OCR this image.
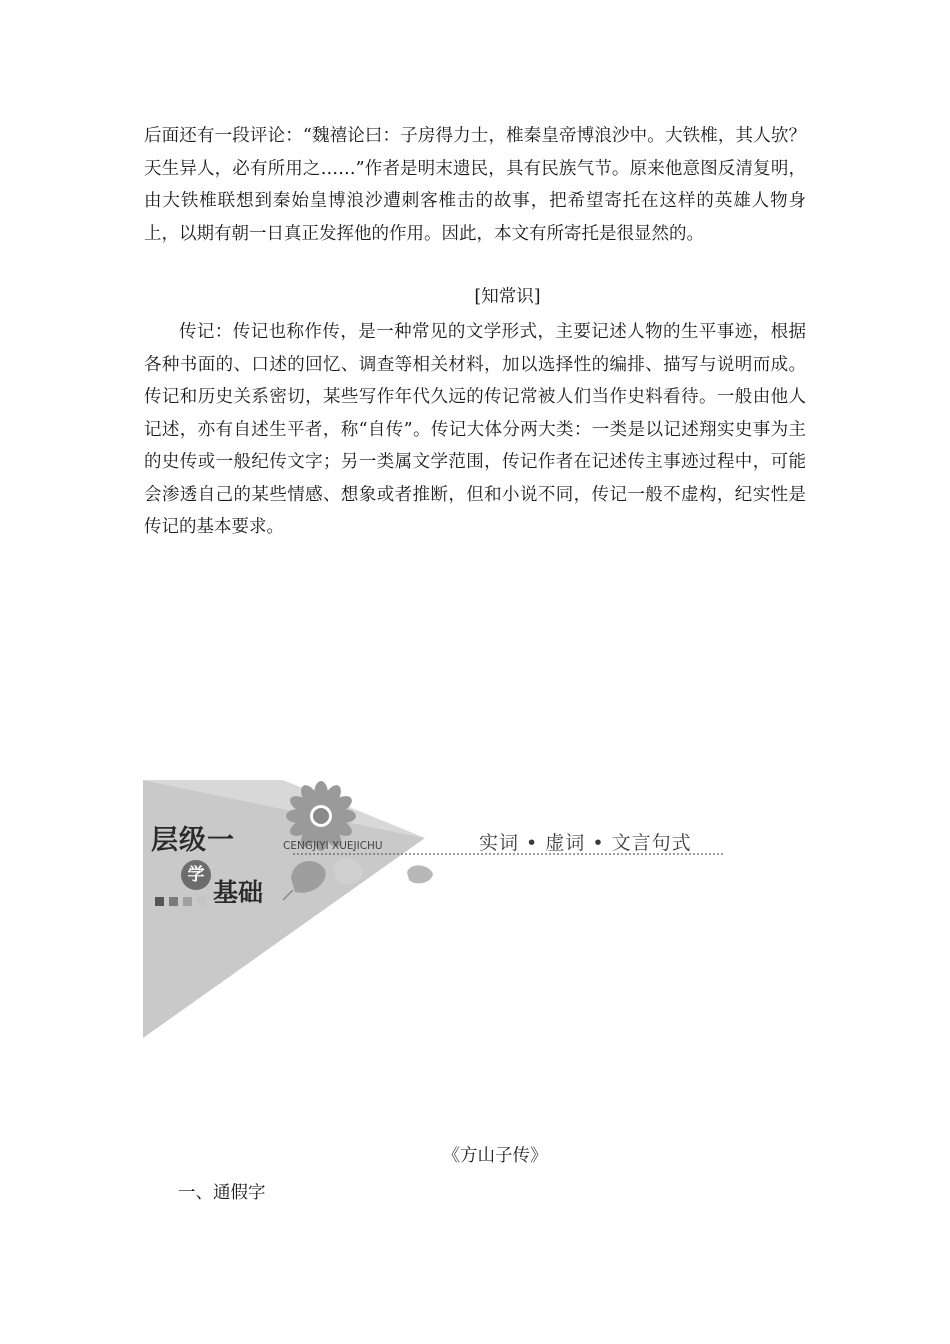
后面还有一段评论：“魏禧论曰：子房得力士，椎秦皇帝博浪沙中。大铁椎，其人欤？天生异人，必有所用之……”作者是明末遗民，具有民族气节。原来他意图反清复明，由大铁椎联想到秦始皇博浪沙遭刺客椎击的故事，把希望寄托在这样的英雄人物身上，以期有朝一日真正发挥他的作用。因此，本文有所寄托是很显然的。

[知常识]

传记：传记也称作传，是一种常见的文学形式，主要记述人物的生平事迹，根据各种书面的、口述的回忆、调查等相关材料，加以选择性的编排、描写与说明而成。传记和历史关系密切，某些写作年代久远的传记常被人们当作史料看待。一般由他人记述，亦有自述生平者，称“自传”。传记大体分两大类：一类是以记述翔实史事为主的史传或一般纪传文字；另一类属文学范围，传记作者在记述传主事迹过程中，可能会渗透自己的某些情感、想象或者推断，但和小说不同，传记一般不虚构，纪实性是传记的基本要求。

层级一

学

基础

CENGJIYI XUEJICHU	实词 • 虚词 • 文言句式

《方山子传》

一、通假字
